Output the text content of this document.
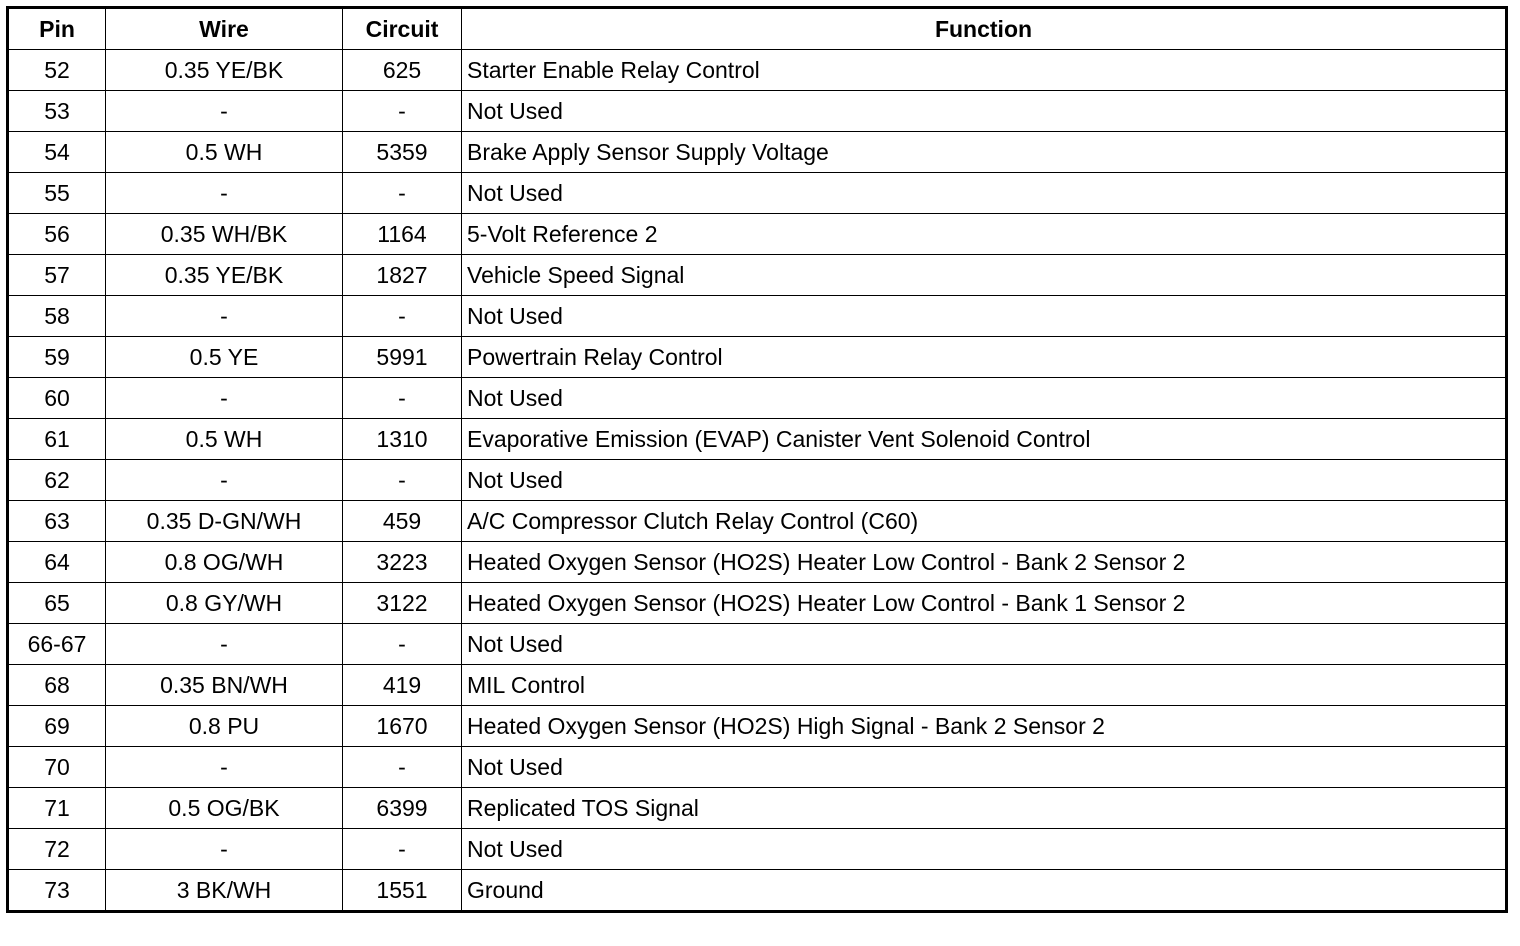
Pin	Wire	Circuit	Function
52	0.35 YE/BK	625	Starter Enable Relay Control
53	-	-	Not Used
54	0.5 WH	5359	Brake Apply Sensor Supply Voltage
55	-	-	Not Used
56	0.35 WH/BK	1164	5-Volt Reference 2
57	0.35 YE/BK	1827	Vehicle Speed Signal
58	-	-	Not Used
59	0.5 YE	5991	Powertrain Relay Control
60	-	-	Not Used
61	0.5 WH	1310	Evaporative Emission (EVAP) Canister Vent Solenoid Control
62	-	-	Not Used
63	0.35 D-GN/WH	459	A/C Compressor Clutch Relay Control (C60)
64	0.8 OG/WH	3223	Heated Oxygen Sensor (HO2S) Heater Low Control - Bank 2 Sensor 2
65	0.8 GY/WH	3122	Heated Oxygen Sensor (HO2S) Heater Low Control - Bank 1 Sensor 2
66-67	-	-	Not Used
68	0.35 BN/WH	419	MIL Control
69	0.8 PU	1670	Heated Oxygen Sensor (HO2S) High Signal - Bank 2 Sensor 2
70	-	-	Not Used
71	0.5 OG/BK	6399	Replicated TOS Signal
72	-	-	Not Used
73	3 BK/WH	1551	Ground
